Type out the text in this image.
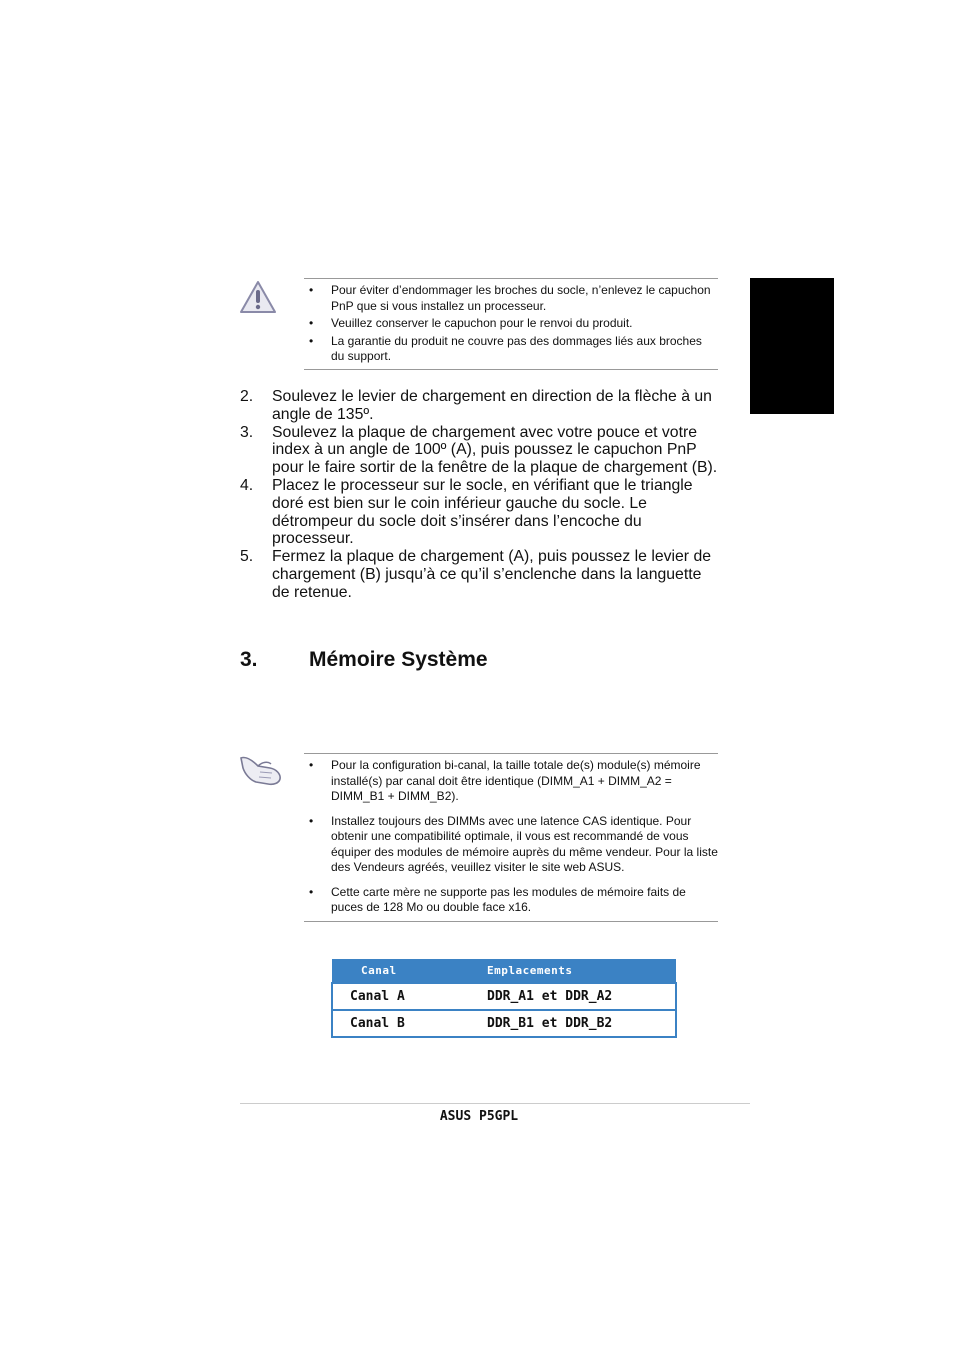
• Pour éviter d’endommager les broches du socle, n’enlevez le capuchon PnP que si vous installez un processeur.
• Veuillez conserver le capuchon pour le renvoi du produit.
• La garantie du produit ne couvre pas des dommages liés aux broches du support.
2. Soulevez le levier de chargement en direction de la flèche à un angle de 135º.
3. Soulevez la plaque de chargement avec votre pouce et votre index à un angle de 100º (A), puis poussez le capuchon PnP pour le faire sortir de la fenêtre de la plaque de chargement (B).
4. Placez le processeur sur le socle, en vérifiant que le triangle doré est bien sur le coin inférieur gauche du socle. Le détrompeur du socle doit s’insérer dans l’encoche du processeur.
5. Fermez la plaque de chargement (A), puis poussez le levier de chargement (B) jusqu’à ce qu’il s’enclenche dans la languette de retenue.
3. Mémoire Système
• Pour la configuration bi-canal, la taille totale de(s) module(s) mémoire installé(s) par canal doit être identique (DIMM_A1 + DIMM_A2 = DIMM_B1 + DIMM_B2).
• Installez toujours des DIMMs avec une latence CAS identique. Pour obtenir une compatibilité optimale, il vous est recommandé de vous équiper des modules de mémoire auprès du même vendeur. Pour la liste des Vendeurs agréés, veuillez visiter le site web ASUS.
• Cette carte mère ne supporte pas les modules de mémoire faits de puces de 128 Mo ou double face x16.
Canal	Emplacements
Canal A	DDR_A1 et DDR_A2
Canal B	DDR_B1 et DDR_B2
ASUS P5GPL
